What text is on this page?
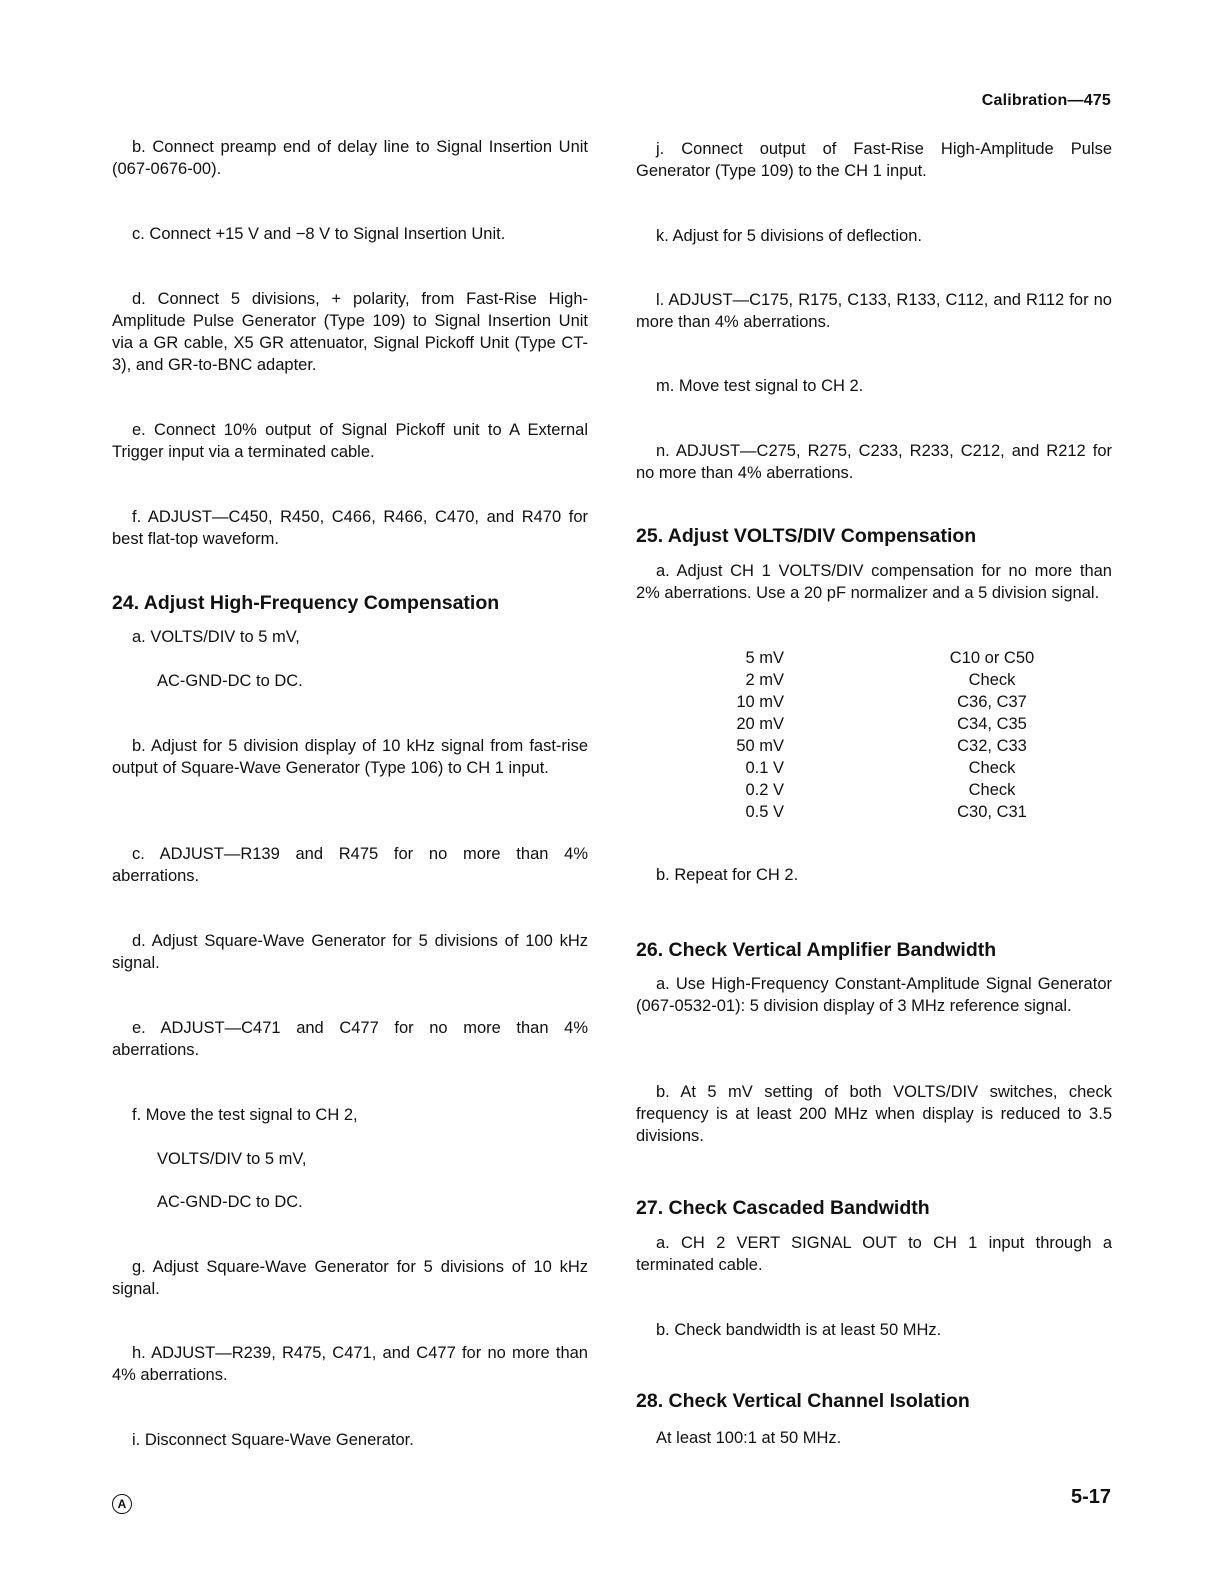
Calibration—475
b. Connect preamp end of delay line to Signal Insertion Unit (067-0676-00).
c. Connect +15 V and −8 V to Signal Insertion Unit.
d. Connect 5 divisions, + polarity, from Fast-Rise High-Amplitude Pulse Generator (Type 109) to Signal Insertion Unit via a GR cable, X5 GR attenuator, Signal Pickoff Unit (Type CT-3), and GR-to-BNC adapter.
e. Connect 10% output of Signal Pickoff unit to A External Trigger input via a terminated cable.
f. ADJUST—C450, R450, C466, R466, C470, and R470 for best flat-top waveform.
24. Adjust High-Frequency Compensation
a. VOLTS/DIV to 5 mV,
AC-GND-DC to DC.
b. Adjust for 5 division display of 10 kHz signal from fast-rise output of Square-Wave Generator (Type 106) to CH 1 input.
c. ADJUST—R139 and R475 for no more than 4% aberrations.
d. Adjust Square-Wave Generator for 5 divisions of 100 kHz signal.
e. ADJUST—C471 and C477 for no more than 4% aberrations.
f. Move the test signal to CH 2,
VOLTS/DIV to 5 mV,
AC-GND-DC to DC.
g. Adjust Square-Wave Generator for 5 divisions of 10 kHz signal.
h. ADJUST—R239, R475, C471, and C477 for no more than 4% aberrations.
i. Disconnect Square-Wave Generator.
j. Connect output of Fast-Rise High-Amplitude Pulse Generator (Type 109) to the CH 1 input.
k. Adjust for 5 divisions of deflection.
l. ADJUST—C175, R175, C133, R133, C112, and R112 for no more than 4% aberrations.
m. Move test signal to CH 2.
n. ADJUST—C275, R275, C233, R233, C212, and R212 for no more than 4% aberrations.
25. Adjust VOLTS/DIV Compensation
a. Adjust CH 1 VOLTS/DIV compensation for no more than 2% aberrations. Use a 20 pF normalizer and a 5 division signal.
5 mV	C10 or C50
2 mV	Check
10 mV	C36, C37
20 mV	C34, C35
50 mV	C32, C33
0.1 V	Check
0.2 V	Check
0.5 V	C30, C31
b. Repeat for CH 2.
26. Check Vertical Amplifier Bandwidth
a. Use High-Frequency Constant-Amplitude Signal Generator (067-0532-01): 5 division display of 3 MHz reference signal.
b. At 5 mV setting of both VOLTS/DIV switches, check frequency is at least 200 MHz when display is reduced to 3.5 divisions.
27. Check Cascaded Bandwidth
a. CH 2 VERT SIGNAL OUT to CH 1 input through a terminated cable.
b. Check bandwidth is at least 50 MHz.
28. Check Vertical Channel Isolation
At least 100:1 at 50 MHz.
A	5-17
